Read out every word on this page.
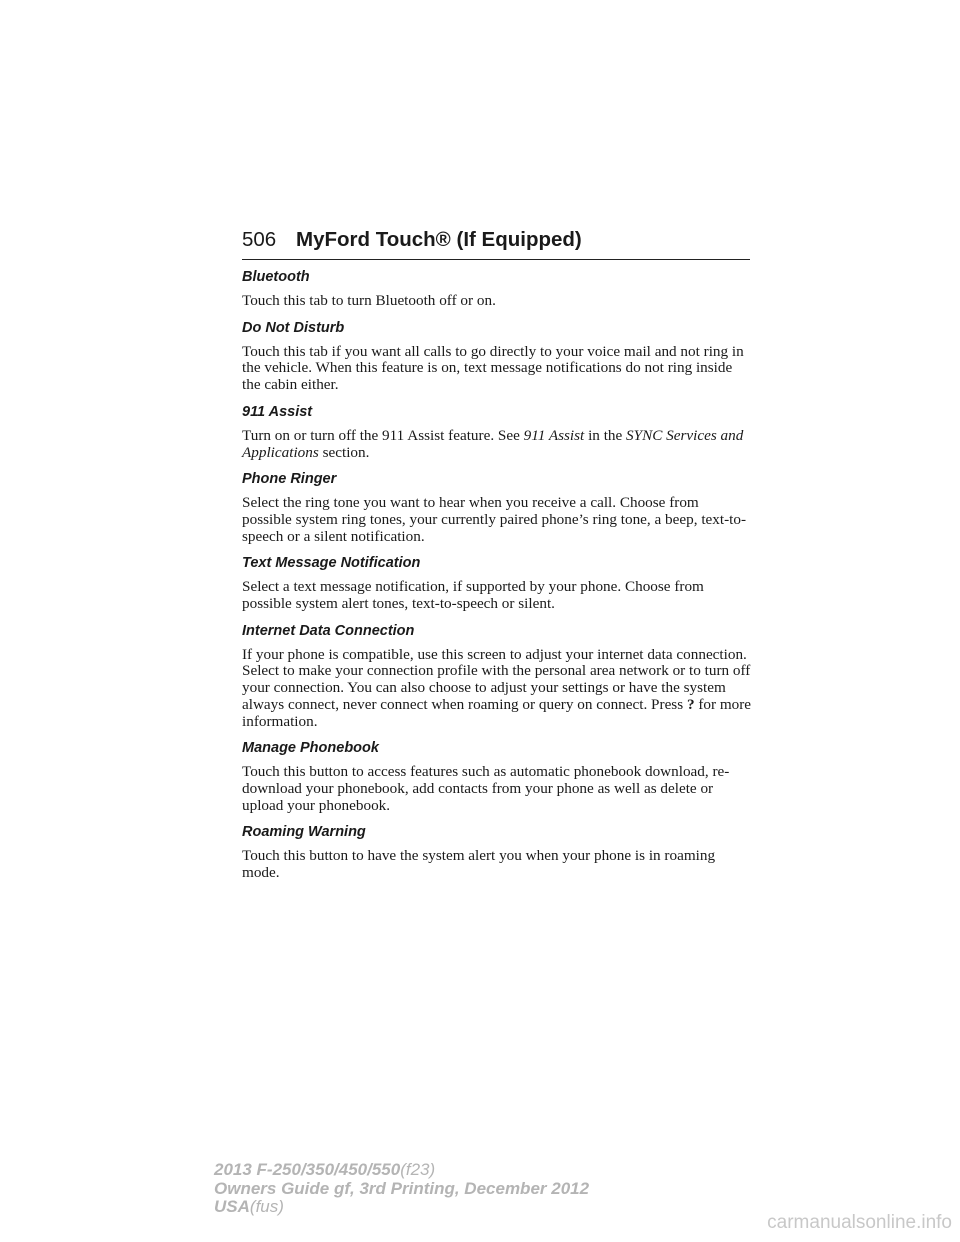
506 MyFord Touch® (If Equipped)

Bluetooth

Touch this tab to turn Bluetooth off or on.

Do Not Disturb

Touch this tab if you want all calls to go directly to your voice mail and not ring in the vehicle. When this feature is on, text message notifications do not ring inside the cabin either.

911 Assist

Turn on or turn off the 911 Assist feature. See 911 Assist in the SYNC Services and Applications section.

Phone Ringer

Select the ring tone you want to hear when you receive a call. Choose from possible system ring tones, your currently paired phone’s ring tone, a beep, text-to-speech or a silent notification.

Text Message Notification

Select a text message notification, if supported by your phone. Choose from possible system alert tones, text-to-speech or silent.

Internet Data Connection

If your phone is compatible, use this screen to adjust your internet data connection. Select to make your connection profile with the personal area network or to turn off your connection. You can also choose to adjust your settings or have the system always connect, never connect when roaming or query on connect. Press ? for more information.

Manage Phonebook

Touch this button to access features such as automatic phonebook download, re-download your phonebook, add contacts from your phone as well as delete or upload your phonebook.

Roaming Warning

Touch this button to have the system alert you when your phone is in roaming mode.

2013 F-250/350/450/550(f23)
Owners Guide gf, 3rd Printing, December 2012
USA(fus)
carmanualsonline.info
